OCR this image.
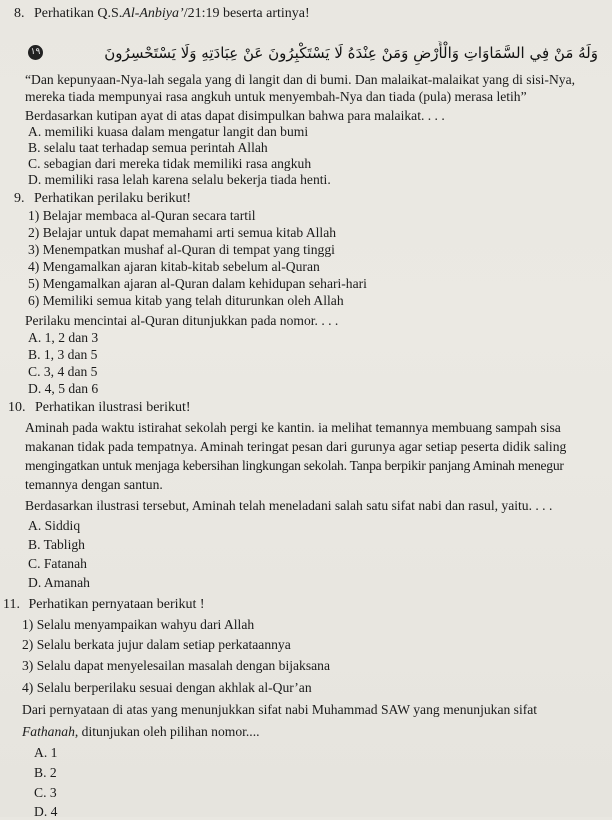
8. Perhatikan Q.S.Al-Anbiya’/21:19 beserta artinya!
وَلَهُ مَنْ فِي السَّمَاوَاتِ وَالْأَرْضِ وَمَنْ عِنْدَهُ لَا يَسْتَكْبِرُونَ عَنْ عِبَادَتِهِ وَلَا يَسْتَحْسِرُونَ
١٩
“Dan kepunyaan-Nya-lah segala yang di langit dan di bumi. Dan malaikat-malaikat yang di sisi-Nya,
mereka tiada mempunyai rasa angkuh untuk menyembah-Nya dan tiada (pula) merasa letih”
Berdasarkan kutipan ayat di atas dapat disimpulkan bahwa para malaikat. . . .
A. memiliki kuasa dalam mengatur langit dan bumi
B. selalu taat terhadap semua perintah Allah
C. sebagian dari mereka tidak memiliki rasa angkuh
D. memiliki rasa lelah karena selalu bekerja tiada henti.
9. Perhatikan perilaku berikut!
1) Belajar membaca al-Quran secara tartil
2) Belajar untuk dapat memahami arti semua kitab Allah
3) Menempatkan mushaf al-Quran di tempat yang tinggi
4) Mengamalkan ajaran kitab-kitab sebelum al-Quran
5) Mengamalkan ajaran al-Quran dalam kehidupan sehari-hari
6) Memiliki semua kitab yang telah diturunkan oleh Allah
Perilaku mencintai al-Quran ditunjukkan pada nomor. . . .
A. 1, 2 dan 3
B. 1, 3 dan 5
C. 3, 4 dan 5
D. 4, 5 dan 6
10. Perhatikan ilustrasi berikut!
Aminah pada waktu istirahat sekolah pergi ke kantin. ia melihat temannya membuang sampah sisa
makanan tidak pada tempatnya. Aminah teringat pesan dari gurunya agar setiap peserta didik saling
mengingatkan untuk menjaga kebersihan lingkungan sekolah. Tanpa berpikir panjang Aminah menegur
temannya dengan santun.
Berdasarkan ilustrasi tersebut, Aminah telah meneladani salah satu sifat nabi dan rasul, yaitu. . . .
A. Siddiq
B. Tabligh
C. Fatanah
D. Amanah
11. Perhatikan pernyataan berikut !
1) Selalu menyampaikan wahyu dari Allah
2) Selalu berkata jujur dalam setiap perkataannya
3) Selalu dapat menyelesailan masalah dengan bijaksana
4) Selalu berperilaku sesuai dengan akhlak al-Qur’an
Dari pernyataan di atas yang menunjukkan sifat nabi Muhammad SAW yang menunjukan sifat
Fathanah, ditunjukan oleh pilihan nomor....
A. 1
B. 2
C. 3
D. 4
